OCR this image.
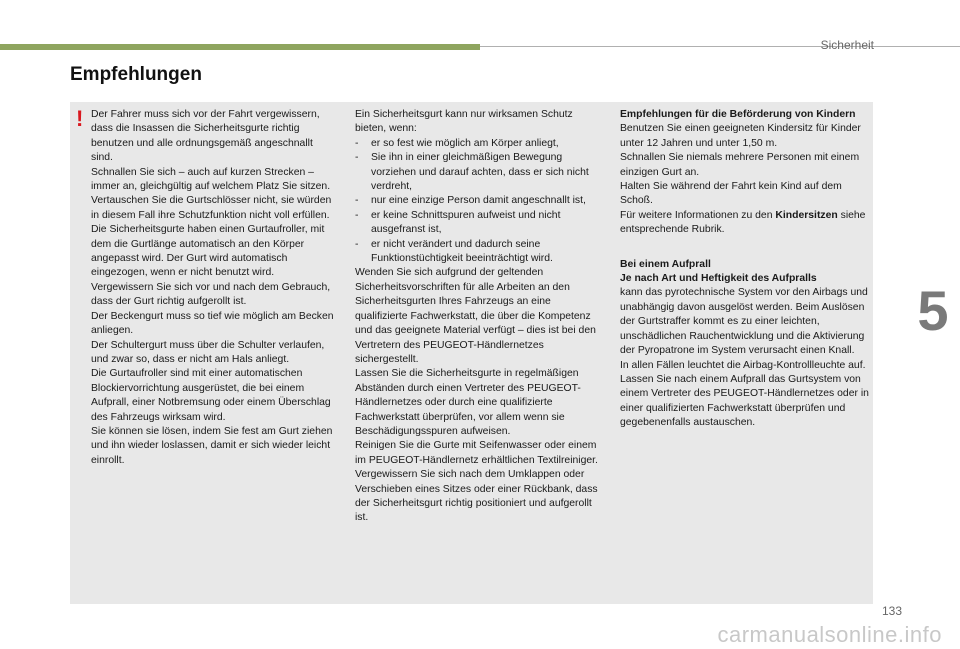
Sicherheit
Empfehlungen
! Der Fahrer muss sich vor der Fahrt vergewissern, dass die Insassen die Sicherheitsgurte richtig benutzen und alle ordnungsgemäß angeschnallt sind.

Schnallen Sie sich – auch auf kurzen Strecken – immer an, gleichgültig auf welchem Platz Sie sitzen.

Vertauschen Sie die Gurtschlösser nicht, sie würden in diesem Fall ihre Schutzfunktion nicht voll erfüllen.

Die Sicherheitsgurte haben einen Gurtaufroller, mit dem die Gurtlänge automatisch an den Körper angepasst wird. Der Gurt wird automatisch eingezogen, wenn er nicht benutzt wird.

Vergewissern Sie sich vor und nach dem Gebrauch, dass der Gurt richtig aufgerollt ist.

Der Beckengurt muss so tief wie möglich am Becken anliegen.

Der Schultergurt muss über die Schulter verlaufen, und zwar so, dass er nicht am Hals anliegt.

Die Gurtaufroller sind mit einer automatischen Blockiervorrichtung ausgerüstet, die bei einem Aufprall, einer Notbremsung oder einem Überschlag des Fahrzeugs wirksam wird.

Sie können sie lösen, indem Sie fest am Gurt ziehen und ihn wieder loslassen, damit er sich wieder leicht einrollt.

Ein Sicherheitsgurt kann nur wirksamen Schutz bieten, wenn:

- er so fest wie möglich am Körper anliegt,
- Sie ihn in einer gleichmäßigen Bewegung vorziehen und darauf achten, dass er sich nicht verdreht,
- nur eine einzige Person damit angeschnallt ist,
- er keine Schnittspuren aufweist und nicht ausgefranst ist,
- er nicht verändert und dadurch seine Funktionstüchtigkeit beeinträchtigt wird.

Wenden Sie sich aufgrund der geltenden Sicherheitsvorschriften für alle Arbeiten an den Sicherheitsgurten Ihres Fahrzeugs an eine qualifizierte Fachwerkstatt, die über die Kompetenz und das geeignete Material verfügt – dies ist bei den Vertretern des PEUGEOT-Händlernetzes sichergestellt.

Lassen Sie die Sicherheitsgurte in regelmäßigen Abständen durch einen Vertreter des PEUGEOT-Händlernetzes oder durch eine qualifizierte Fachwerkstatt überprüfen, vor allem wenn sie Beschädigungsspuren aufweisen.

Reinigen Sie die Gurte mit Seifenwasser oder einem im PEUGEOT-Händlernetz erhältlichen Textilreiniger.

Vergewissern Sie sich nach dem Umklappen oder Verschieben eines Sitzes oder einer Rückbank, dass der Sicherheitsgurt richtig positioniert und aufgerollt ist.

Empfehlungen für die Beförderung von Kindern

Benutzen Sie einen geeigneten Kindersitz für Kinder unter 12 Jahren und unter 1,50 m.

Schnallen Sie niemals mehrere Personen mit einem einzigen Gurt an.

Halten Sie während der Fahrt kein Kind auf dem Schoß.

Für weitere Informationen zu den Kindersitzen siehe entsprechende Rubrik.

Bei einem Aufprall

Je nach Art und Heftigkeit des Aufpralls

kann das pyrotechnische System vor den Airbags und unabhängig davon ausgelöst werden. Beim Auslösen der Gurtstraffer kommt es zu einer leichten, unschädlichen Rauchentwicklung und die Aktivierung der Pyropatrone im System verursacht einen Knall.

In allen Fällen leuchtet die Airbag-Kontrollleuchte auf.

Lassen Sie nach einem Aufprall das Gurtsystem von einem Vertreter des PEUGEOT-Händlernetzes oder in einer qualifizierten Fachwerkstatt überprüfen und gegebenenfalls austauschen.

5
133
carmanualsonline.info
